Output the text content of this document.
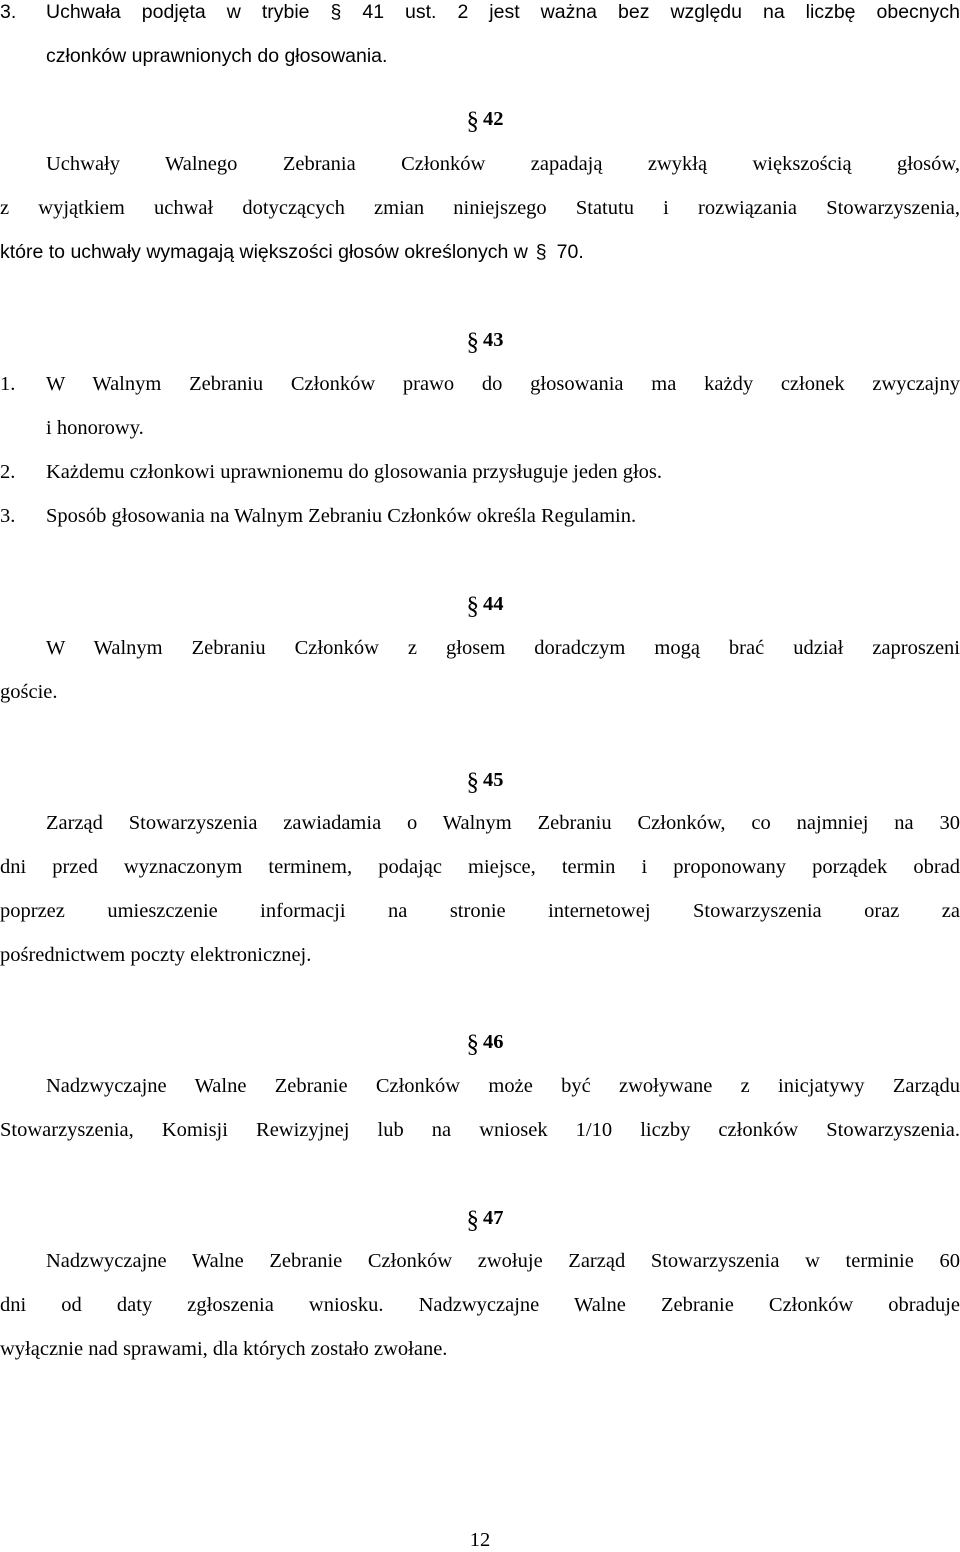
3.	Uchwała podjęta w trybie § 41 ust. 2 jest ważna bez względu na liczbę obecnych
członków uprawnionych do głosowania.
§ 42
Uchwały Walnego Zebrania Członków zapadają zwykłą większością głosów,
z wyjątkiem uchwał dotyczących zmian niniejszego Statutu i rozwiązania Stowarzyszenia,
które to uchwały wymagają większości głosów określonych w § 70.
§ 43
1.	W Walnym Zebraniu Członków prawo do głosowania ma każdy członek zwyczajny
i honorowy.
2.	Każdemu członkowi uprawnionemu do glosowania przysługuje jeden głos.
3.	Sposób głosowania na Walnym Zebraniu Członków określa Regulamin.
§ 44
W Walnym Zebraniu Członków z głosem doradczym mogą brać udział zaproszeni
goście.
§ 45
Zarząd Stowarzyszenia zawiadamia o Walnym Zebraniu Członków, co najmniej na 30
dni przed wyznaczonym terminem, podając miejsce, termin i proponowany porządek obrad
poprzez umieszczenie informacji na stronie internetowej Stowarzyszenia oraz za
pośrednictwem poczty elektronicznej.
§ 46
Nadzwyczajne Walne Zebranie Członków może być zwoływane z inicjatywy Zarządu
Stowarzyszenia, Komisji Rewizyjnej lub na wniosek 1/10 liczby członków Stowarzyszenia.
§ 47
Nadzwyczajne Walne Zebranie Członków zwołuje Zarząd Stowarzyszenia w terminie 60
dni od daty zgłoszenia wniosku. Nadzwyczajne Walne Zebranie Członków obraduje
wyłącznie nad sprawami, dla których zostało zwołane.
12
